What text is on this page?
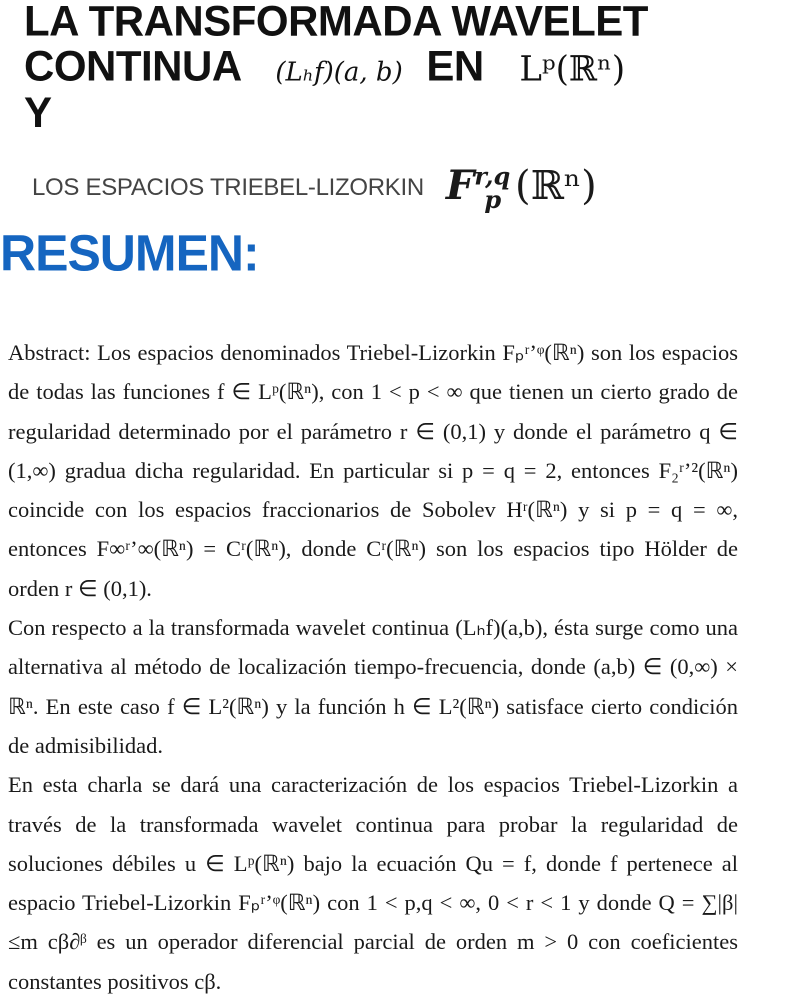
LA TRANSFORMADA WAVELET
CONTINUA (Lₕf)(a, b) EN Lᵖ(ℝⁿ)
Y
LOS ESPACIOS TRIEBEL-LIZORKIN F$^{r,q}_p$ (ℝⁿ)
RESUMEN:

Abstract: Los espacios denominados Triebel-Lizorkin Fₚʳ’ᵠ(ℝⁿ) son los espacios de todas las funciones f ∈ Lᵖ(ℝⁿ), con 1 < p < ∞ que tienen un cierto grado de regularidad determinado por el parámetro r ∈ (0,1) y donde el parámetro q ∈ (1,∞) gradua dicha regularidad. En particular si p = q = 2, entonces F₂ʳ’²(ℝⁿ) coincide con los espacios fraccionarios de Sobolev Hʳ(ℝⁿ) y si p = q = ∞, entonces F∞ʳ’∞(ℝⁿ) = Cʳ(ℝⁿ), donde Cʳ(ℝⁿ) son los espacios tipo Hölder de orden r ∈ (0,1).

Con respecto a la transformada wavelet continua (Lₕf)(a,b), ésta surge como una alternativa al método de localización tiempo-frecuencia, donde (a,b) ∈ (0,∞) × ℝⁿ. En este caso f ∈ L²(ℝⁿ) y la función h ∈ L²(ℝⁿ) satisface cierto condición de admisibilidad.

En esta charla se dará una caracterización de los espacios Triebel-Lizorkin a través de la transformada wavelet continua para probar la regularidad de soluciones débiles u ∈ Lᵖ(ℝⁿ) bajo la ecuación Qu = f, donde f pertenece al espacio Triebel-Lizorkin Fₚʳ’ᵠ(ℝⁿ) con 1 < p,q < ∞, 0 < r < 1 y donde Q = ∑|β|≤m cβ∂ᵝ es un operador diferencial parcial de orden m > 0 con coeficientes constantes positivos cβ.
